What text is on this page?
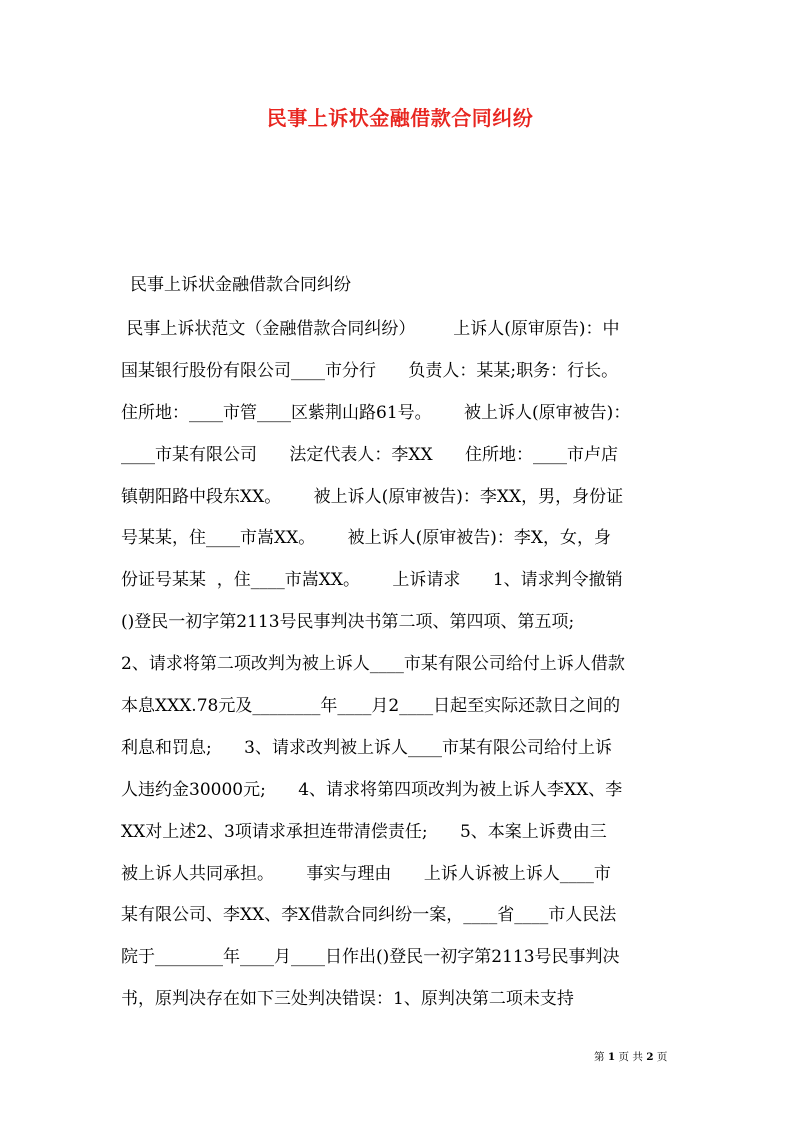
民事上诉状金融借款合同纠纷

民事上诉状金融借款合同纠纷

民事上诉状范文（金融借款合同纠纷）       上诉人(原审原告)：中
国某银行股份有限公司____市分行      负责人：某某;职务：行长。
住所地：____市管____区紫荆山路61号。      被上诉人(原审被告)：
____市某有限公司      法定代表人：李XX      住所地：____市卢店
镇朝阳路中段东XX。      被上诉人(原审被告)：李XX，男，身份证
号某某，住____市嵩XX。      被上诉人(原审被告)：李X，女，身
份证号某某  ，住____市嵩XX。      上诉请求      1、请求判令撤销
()登民一初字第2113号民事判决书第二项、第四项、第五项;
2、请求将第二项改判为被上诉人____市某有限公司给付上诉人借款
本息XXX.78元及________年____月2____日起至实际还款日之间的
利息和罚息;      3、请求改判被上诉人____市某有限公司给付上诉
人违约金30000元;      4、请求将第四项改判为被上诉人李XX、李
XX对上述2、3项请求承担连带清偿责任;      5、本案上诉费由三
被上诉人共同承担。      事实与理由      上诉人诉被上诉人____市
某有限公司、李XX、李X借款合同纠纷一案，____省____市人民法
院于________年____月____日作出()登民一初字第2113号民事判决
书，原判决存在如下三处判决错误：1、原判决第二项未支持
第 1 页 共 2 页
